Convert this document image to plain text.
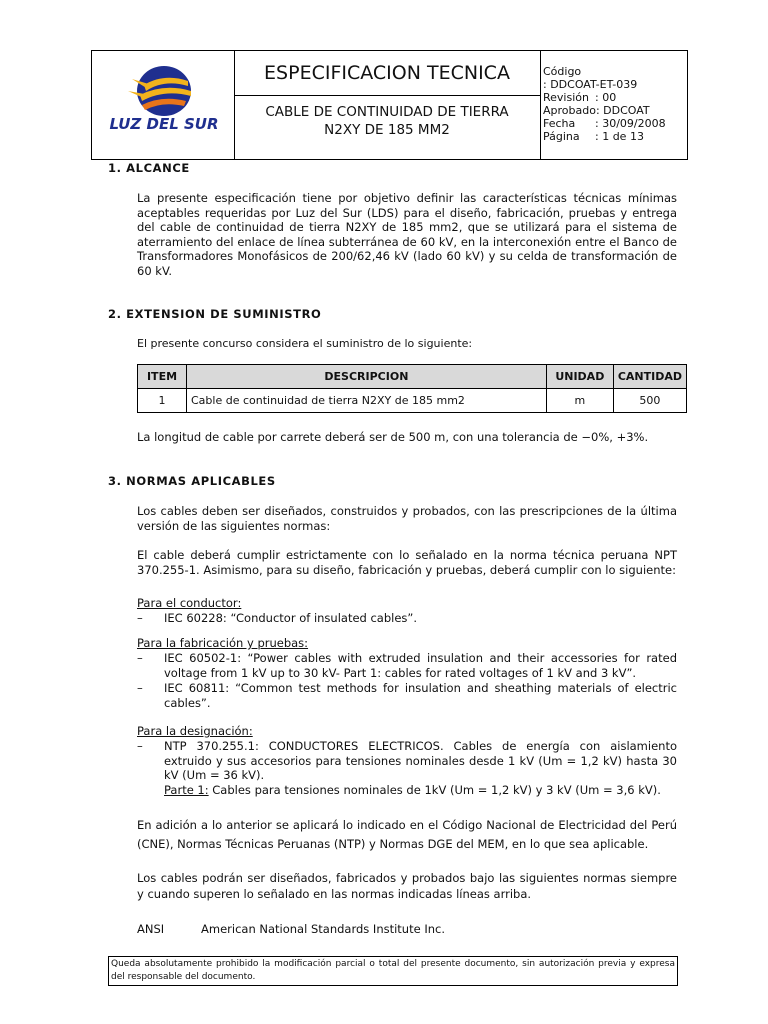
LUZ DEL SUR
ESPECIFICACION TECNICA
CABLE DE CONTINUIDAD DE TIERRA
N2XY DE 185 MM2
Código: DDCOAT-ET-039
Revisión : 00
Aprobado: DDCOAT
Fecha : 30/09/2008
Página : 1 de 13
1. ALCANCE
La presente especificación tiene por objetivo definir las características técnicas mínimas aceptables requeridas por Luz del Sur (LDS) para el diseño, fabricación, pruebas y entrega del cable de continuidad de tierra N2XY de 185 mm2, que se utilizará para el sistema de aterramiento del enlace de línea subterránea de 60 kV, en la interconexión entre el Banco de Transformadores Monofásicos de 200/62,46 kV (lado 60 kV) y su celda de transformación de 60 kV.
2. EXTENSION DE SUMINISTRO
El presente concurso considera el suministro de lo siguiente:
ITEM	DESCRIPCION	UNIDAD	CANTIDAD
1	Cable de continuidad de tierra N2XY de 185 mm2	m	500
La longitud de cable por carrete deberá ser de 500 m, con una tolerancia de −0%, +3%.
3. NORMAS APLICABLES
Los cables deben ser diseñados, construidos y probados, con las prescripciones de la última versión de las siguientes normas:
El cable deberá cumplir estrictamente con lo señalado en la norma técnica peruana NPT 370.255-1. Asimismo, para su diseño, fabricación y pruebas, deberá cumplir con lo siguiente:
Para el conductor:
– IEC 60228: “Conductor of insulated cables”.
Para la fabricación y pruebas:
– IEC 60502-1: “Power cables with extruded insulation and their accessories for rated voltage from 1 kV up to 30 kV- Part 1: cables for rated voltages of 1 kV and 3 kV”.
– IEC 60811: “Common test methods for insulation and sheathing materials of electric cables”.
Para la designación:
– NTP 370.255.1: CONDUCTORES ELECTRICOS. Cables de energía con aislamiento extruido y sus accesorios para tensiones nominales desde 1 kV (Um = 1,2 kV) hasta 30 kV (Um = 36 kV).
Parte 1: Cables para tensiones nominales de 1kV (Um = 1,2 kV) y 3 kV (Um = 3,6 kV).
En adición a lo anterior se aplicará lo indicado en el Código Nacional de Electricidad del Perú (CNE), Normas Técnicas Peruanas (NTP) y Normas DGE del MEM, en lo que sea aplicable.
Los cables podrán ser diseñados, fabricados y probados bajo las siguientes normas siempre y cuando superen lo señalado en las normas indicadas líneas arriba.
ANSI	American National Standards Institute Inc.
Queda absolutamente prohibido la modificación parcial o total del presente documento, sin autorización previa y expresa del responsable del documento.
